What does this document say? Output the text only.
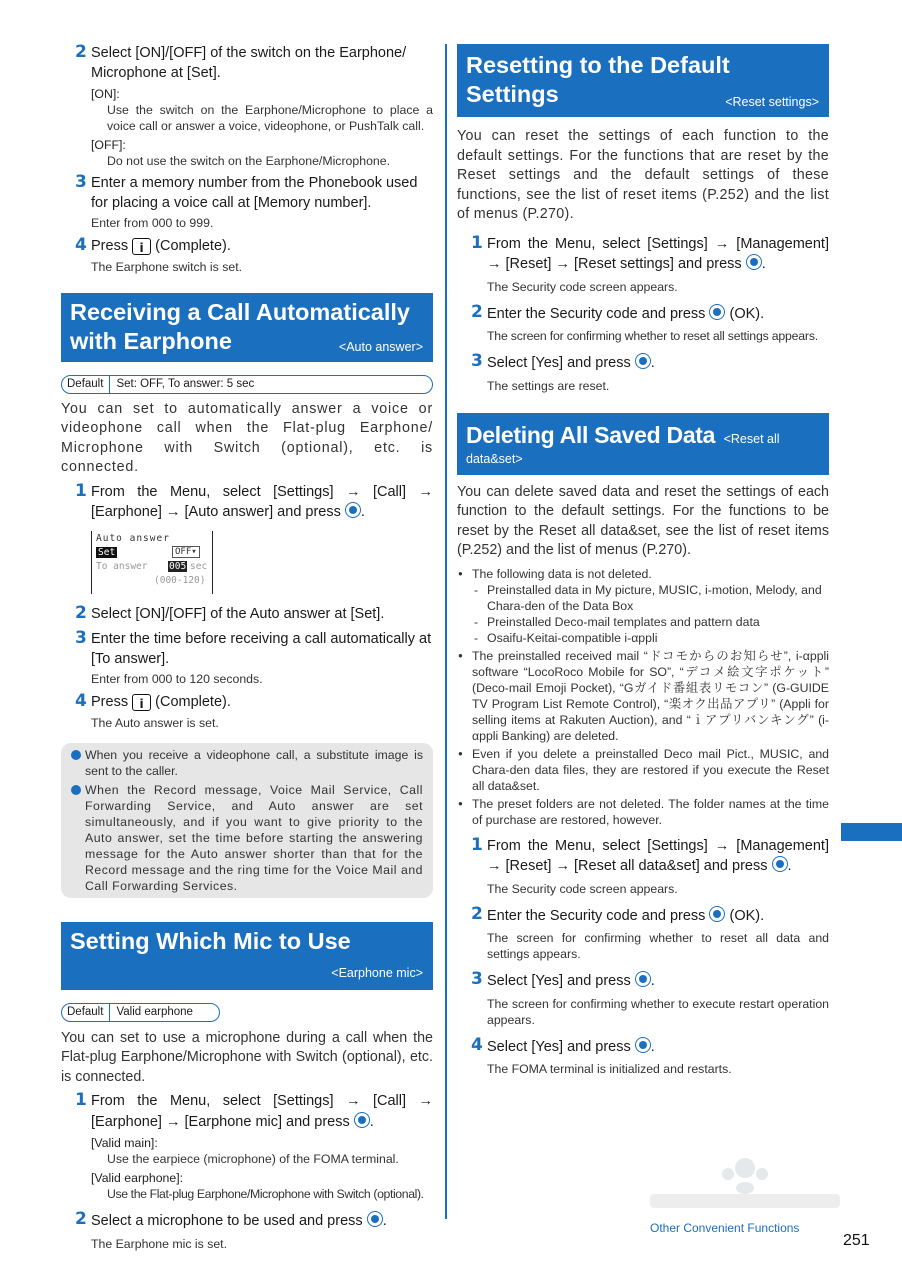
2 Select [ON]/[OFF] of the switch on the Earphone/ Microphone at [Set].
[ON]:
Use the switch on the Earphone/Microphone to place a voice call or answer a voice, videophone, or PushTalk call.
[OFF]:
Do not use the switch on the Earphone/Microphone.
3 Enter a memory number from the Phonebook used for placing a voice call at [Memory number].
Enter from 000 to 999.
4 Press i (Complete).
The Earphone switch is set.
Receiving a Call Automatically with Earphone	<Auto answer>
Default	Set: OFF, To answer: 5 sec
You can set to automatically answer a voice or videophone call when the Flat-plug Earphone/ Microphone with Switch (optional), etc. is connected.
1 From the Menu, select [Settings] → [Call] → [Earphone] → [Auto answer] and press .
Auto answer
Set	OFF▾
To answer 005 sec
(000-120)
2 Select [ON]/[OFF] of the Auto answer at [Set].
3 Enter the time before receiving a call automatically at [To answer].
Enter from 000 to 120 seconds.
4 Press i (Complete).
The Auto answer is set.
When you receive a videophone call, a substitute image is sent to the caller.
When the Record message, Voice Mail Service, Call Forwarding Service, and Auto answer are set simultaneously, and if you want to give priority to the Auto answer, set the time before starting the answering message for the Auto answer shorter than that for the Record message and the ring time for the Voice Mail and Call Forwarding Services.
Setting Which Mic to Use
<Earphone mic>
Default	Valid earphone
You can set to use a microphone during a call when the Flat-plug Earphone/Microphone with Switch (optional), etc. is connected.
1 From the Menu, select [Settings] → [Call] → [Earphone] → [Earphone mic] and press .
[Valid main]:
Use the earpiece (microphone) of the FOMA terminal.
[Valid earphone]:
Use the Flat-plug Earphone/Microphone with Switch (optional).
2 Select a microphone to be used and press .
The Earphone mic is set.
Resetting to the Default Settings	<Reset settings>
You can reset the settings of each function to the default settings. For the functions that are reset by the Reset settings and the default settings of these functions, see the list of reset items (P.252) and the list of menus (P.270).
1 From the Menu, select [Settings] → [Management] → [Reset] → [Reset settings] and press .
The Security code screen appears.
2 Enter the Security code and press (OK).
The screen for confirming whether to reset all settings appears.
3 Select [Yes] and press .
The settings are reset.
Deleting All Saved Data <Reset all data&set>
You can delete saved data and reset the settings of each function to the default settings. For the functions to be reset by the Reset all data&set, see the list of reset items (P.252) and the list of menus (P.270).
● The following data is not deleted.
- Preinstalled data in My picture, MUSIC, i-motion, Melody, and Chara-den of the Data Box
- Preinstalled Deco-mail templates and pattern data
- Osaifu-Keitai-compatible i-αppli
● The preinstalled received mail “ドコモからのお知らせ”, i-αppli software “LocoRoco Mobile for SO”, “デコメ絵文字ポケット” (Deco-mail Emoji Pocket), “Gガイド番組表リモコン” (G-GUIDE TV Program List Remote Control), “楽オク出品アプリ” (Appli for selling items at Rakuten Auction), and “ｉアプリバンキング” (i-αppli Banking) are deleted.
● Even if you delete a preinstalled Deco mail Pict., MUSIC, and Chara-den data files, they are restored if you execute the Reset all data&set.
● The preset folders are not deleted. The folder names at the time of purchase are restored, however.
1 From the Menu, select [Settings] → [Management] → [Reset] → [Reset all data&set] and press .
The Security code screen appears.
2 Enter the Security code and press (OK).
The screen for confirming whether to reset all data and settings appears.
3 Select [Yes] and press .
The screen for confirming whether to execute restart operation appears.
4 Select [Yes] and press .
The FOMA terminal is initialized and restarts.
Other Convenient Functions
251
